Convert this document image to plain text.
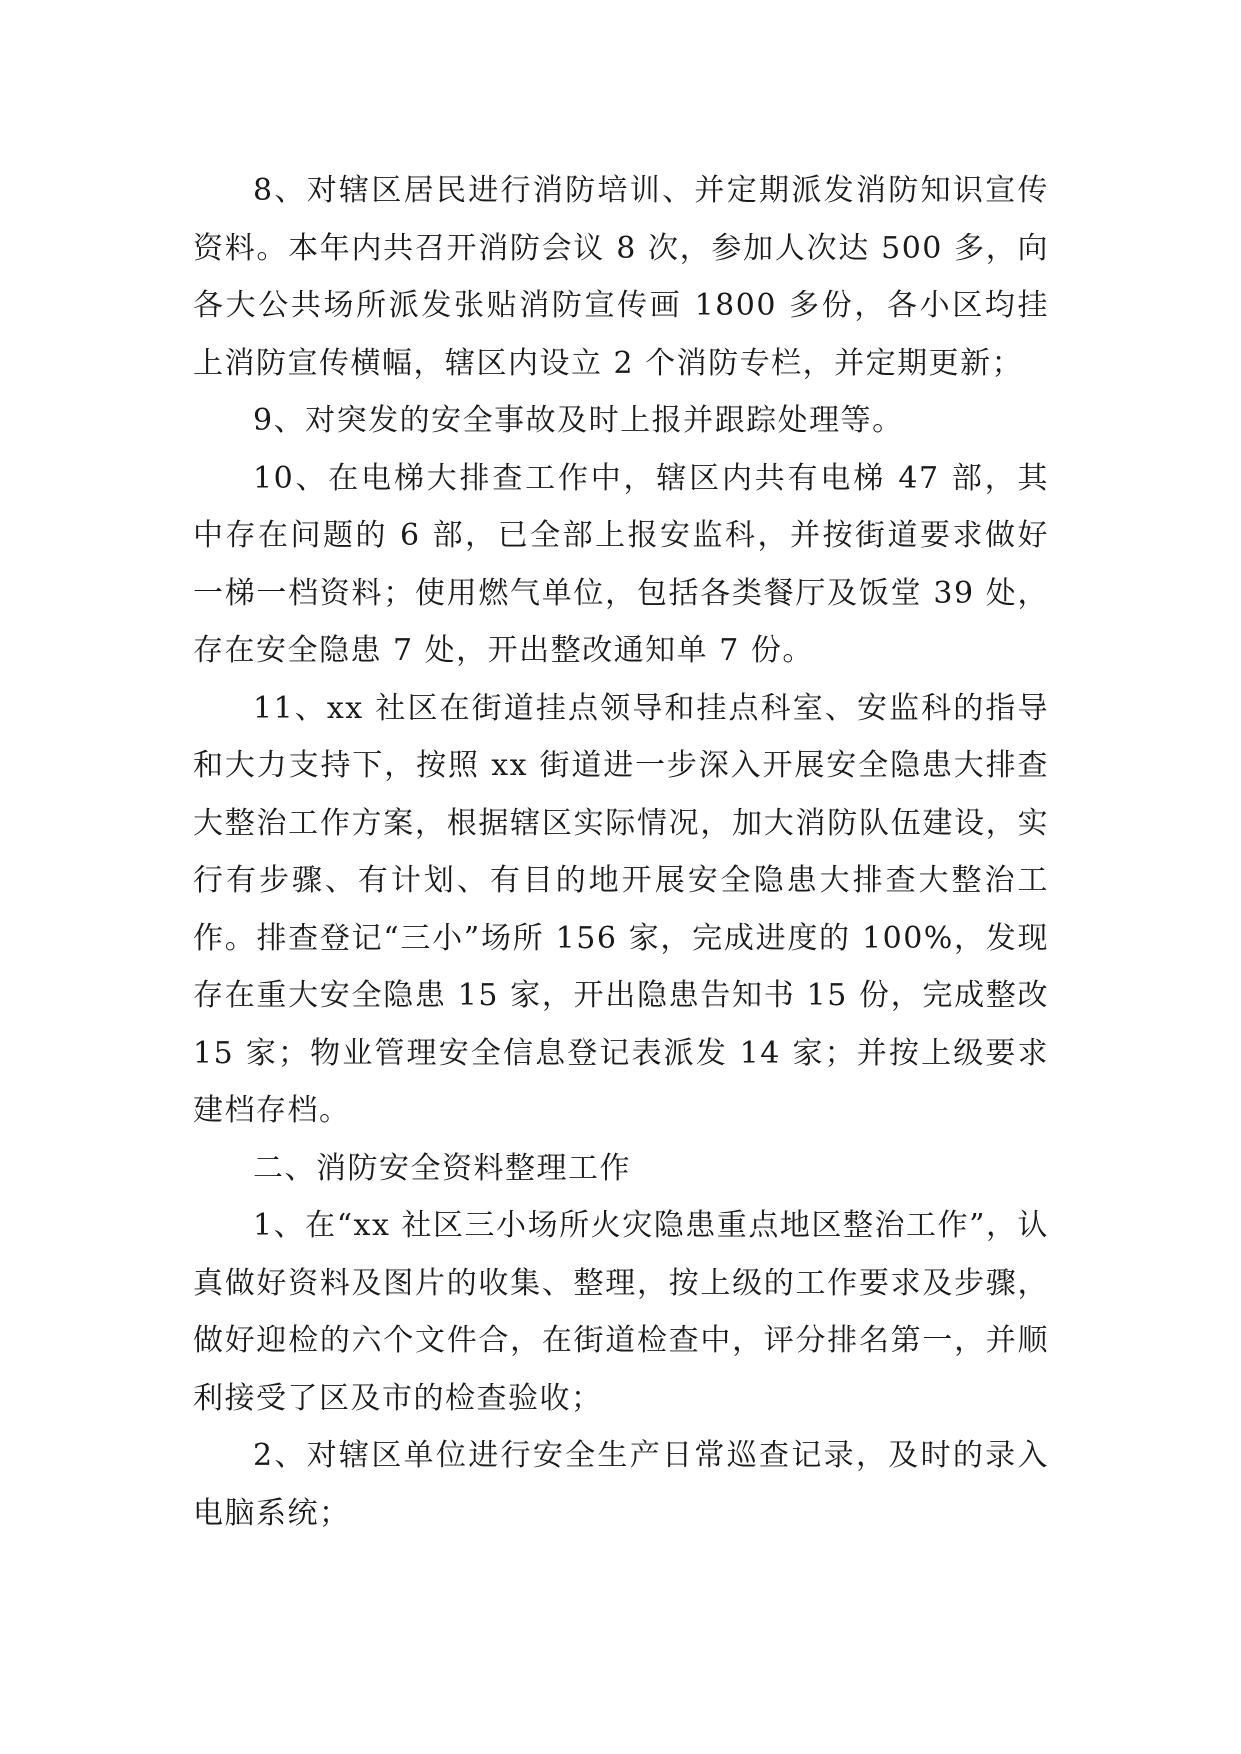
8、对辖区居民进行消防培训、并定期派发消防知识宣传资料。本年内共召开消防会议 8 次，参加人次达 500 多，向各大公共场所派发张贴消防宣传画 1800 多份，各小区均挂上消防宣传横幅，辖区内设立 2 个消防专栏，并定期更新；

9、对突发的安全事故及时上报并跟踪处理等。

10、在电梯大排查工作中，辖区内共有电梯 47 部，其中存在问题的 6 部，已全部上报安监科，并按街道要求做好一梯一档资料；使用燃气单位，包括各类餐厅及饭堂 39 处，存在安全隐患 7 处，开出整改通知单 7 份。

11、xx 社区在街道挂点领导和挂点科室、安监科的指导和大力支持下，按照 xx 街道进一步深入开展安全隐患大排查大整治工作方案，根据辖区实际情况，加大消防队伍建设，实行有步骤、有计划、有目的地开展安全隐患大排查大整治工作。排查登记“三小”场所 156 家，完成进度的 100%，发现存在重大安全隐患 15 家，开出隐患告知书 15 份，完成整改 15 家；物业管理安全信息登记表派发 14 家；并按上级要求建档存档。

二、消防安全资料整理工作

1、在“xx 社区三小场所火灾隐患重点地区整治工作”，认真做好资料及图片的收集、整理，按上级的工作要求及步骤，做好迎检的六个文件合，在街道检查中，评分排名第一，并顺利接受了区及市的检查验收；

2、对辖区单位进行安全生产日常巡查记录，及时的录入电脑系统；
